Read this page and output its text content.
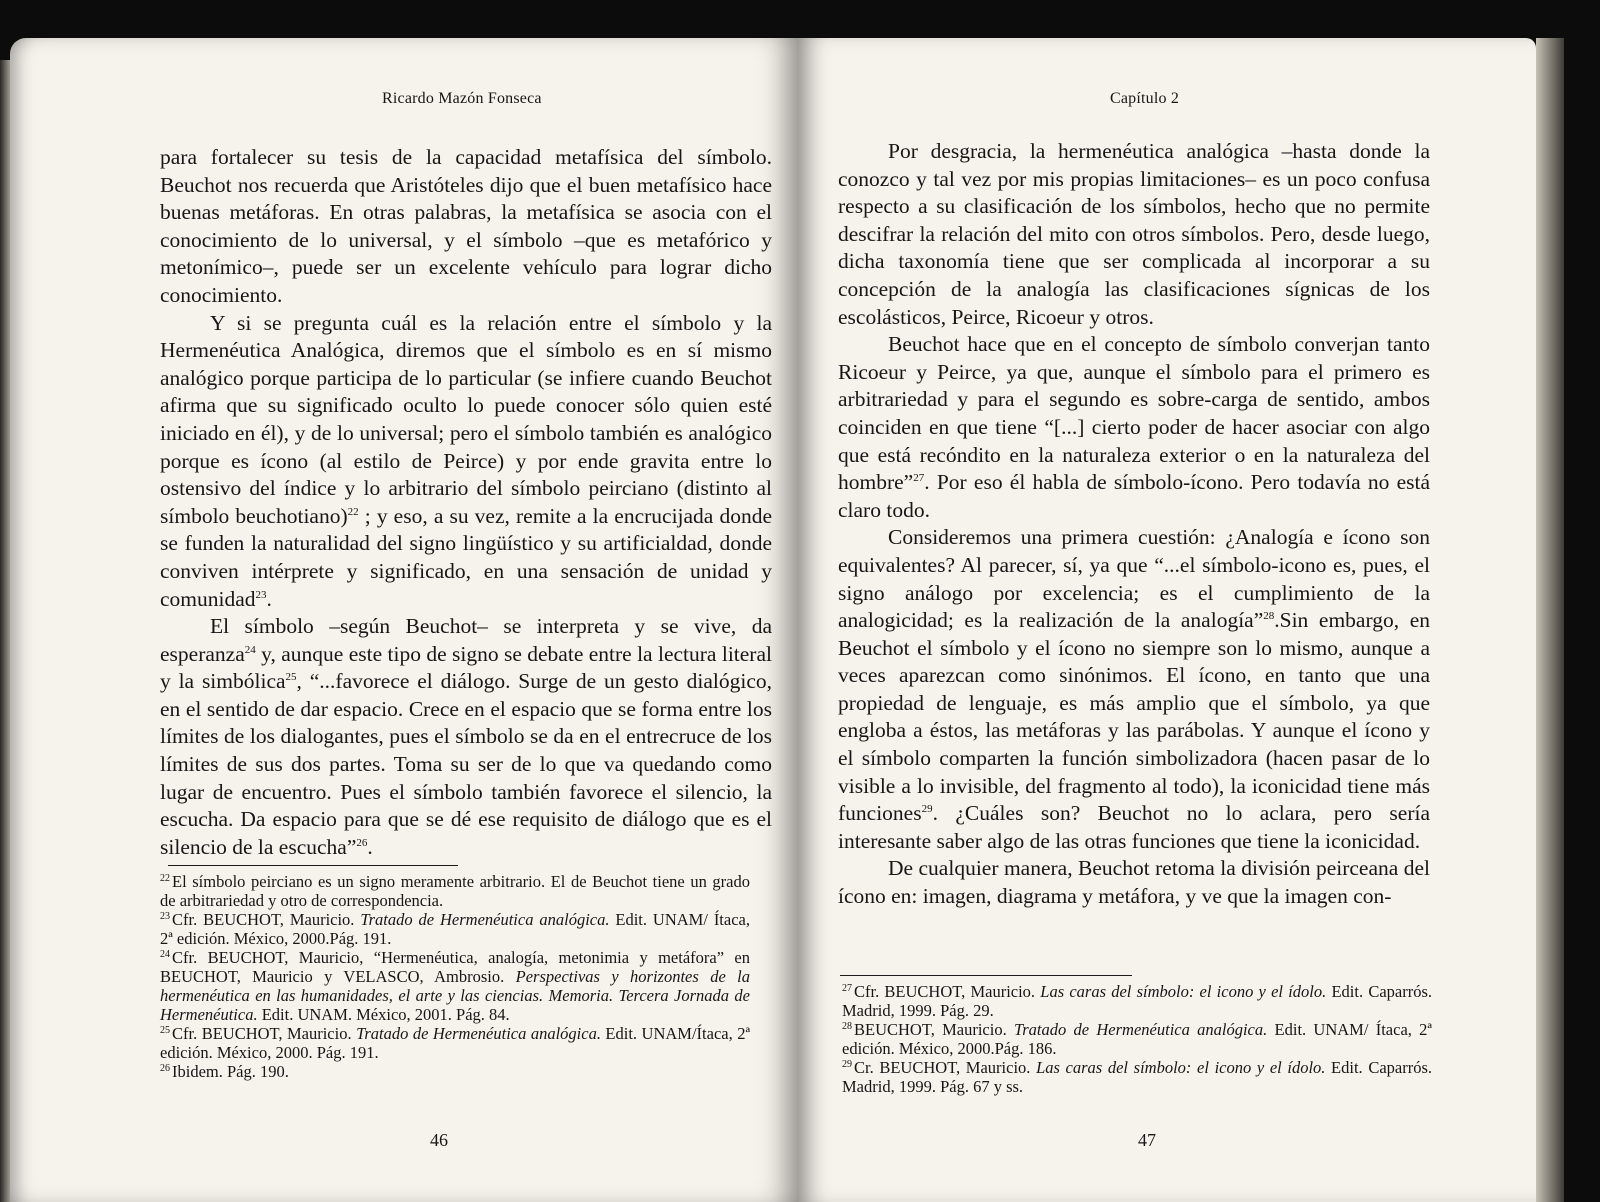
Ricardo Mazón Fonseca

para fortalecer su tesis de la capacidad metafísica del símbolo. Beuchot nos recuerda que Aristóteles dijo que el buen metafísico hace buenas metáforas. En otras palabras, la metafísica se asocia con el conocimiento de lo universal, y el símbolo –que es metafórico y metonímico–, puede ser un excelente vehículo para lograr dicho conocimiento.

Y si se pregunta cuál es la relación entre el símbolo y la Hermenéutica Analógica, diremos que el símbolo es en sí mismo analógico porque participa de lo particular (se infiere cuando Beuchot afirma que su significado oculto lo puede conocer sólo quien esté iniciado en él), y de lo universal; pero el símbolo también es analógico porque es ícono (al estilo de Peirce) y por ende gravita entre lo ostensivo del índice y lo arbitrario del símbolo peirciano (distinto al símbolo beuchotiano)$^{22}$ ; y eso, a su vez, remite a la encrucijada donde se funden la naturalidad del signo lingüístico y su artificialdad, donde conviven intérprete y significado, en una sensación de unidad y comunidad$^{23}$.

El símbolo –según Beuchot– se interpreta y se vive, da esperanza$^{24}$ y, aunque este tipo de signo se debate entre la lectura literal y la simbólica$^{25}$, “...favorece el diálogo. Surge de un gesto dialógico, en el sentido de dar espacio. Crece en el espacio que se forma entre los límites de los dialogantes, pues el símbolo se da en el entrecruce de los límites de sus dos partes. Toma su ser de lo que va quedando como lugar de encuentro. Pues el símbolo también favorece el silencio, la escucha. Da espacio para que se dé ese requisito de diálogo que es el silencio de la escucha”$^{26}$.

$^{22}$ El símbolo peirciano es un signo meramente arbitrario. El de Beuchot tiene un grado de arbitrariedad y otro de correspondencia.

$^{23}$ Cfr. BEUCHOT, Mauricio. Tratado de Hermenéutica analógica. Edit. UNAM/ Ítaca, 2ª edición. México, 2000.Pág. 191.

$^{24}$ Cfr. BEUCHOT, Mauricio, “Hermenéutica, analogía, metonimia y metáfora” en BEUCHOT, Mauricio y VELASCO, Ambrosio. Perspectivas y horizontes de la hermenéutica en las humanidades, el arte y las ciencias. Memoria. Tercera Jornada de Hermenéutica. Edit. UNAM. México, 2001. Pág. 84.

$^{25}$ Cfr. BEUCHOT, Mauricio. Tratado de Hermenéutica analógica. Edit. UNAM/Ítaca, 2ª edición. México, 2000. Pág. 191.

$^{26}$ Ibidem. Pág. 190.

46
Capítulo 2

Por desgracia, la hermenéutica analógica –hasta donde la conozco y tal vez por mis propias limitaciones– es un poco confusa respecto a su clasificación de los símbolos, hecho que no permite descifrar la relación del mito con otros símbolos. Pero, desde luego, dicha taxonomía tiene que ser complicada al incorporar a su concepción de la analogía las clasificaciones sígnicas de los escolásticos, Peirce, Ricoeur y otros.

Beuchot hace que en el concepto de símbolo converjan tanto Ricoeur y Peirce, ya que, aunque el símbolo para el primero es arbitrariedad y para el segundo es sobre-carga de sentido, ambos coinciden en que tiene “[...] cierto poder de hacer asociar con algo que está recóndito en la naturaleza exterior o en la naturaleza del hombre”$^{27}$. Por eso él habla de símbolo-ícono. Pero todavía no está claro todo.

Consideremos una primera cuestión: ¿Analogía e ícono son equivalentes? Al parecer, sí, ya que “...el símbolo-icono es, pues, el signo análogo por excelencia; es el cumplimiento de la analogicidad; es la realización de la analogía”$^{28}$.Sin embargo, en Beuchot el símbolo y el ícono no siempre son lo mismo, aunque a veces aparezcan como sinónimos. El ícono, en tanto que una propiedad de lenguaje, es más amplio que el símbolo, ya que engloba a éstos, las metáforas y las parábolas. Y aunque el ícono y el símbolo comparten la función simbolizadora (hacen pasar de lo visible a lo invisible, del fragmento al todo), la iconicidad tiene más funciones$^{29}$. ¿Cuáles son? Beuchot no lo aclara, pero sería interesante saber algo de las otras funciones que tiene la iconicidad.

De cualquier manera, Beuchot retoma la división peirceana del ícono en: imagen, diagrama y metáfora, y ve que la imagen con-

$^{27}$ Cfr. BEUCHOT, Mauricio. Las caras del símbolo: el icono y el ídolo. Edit. Caparrós. Madrid, 1999. Pág. 29.

$^{28}$ BEUCHOT, Mauricio. Tratado de Hermenéutica analógica. Edit. UNAM/ Ítaca, 2ª edición. México, 2000.Pág. 186.

$^{29}$ Cr. BEUCHOT, Mauricio. Las caras del símbolo: el icono y el ídolo. Edit. Caparrós. Madrid, 1999. Pág. 67 y ss.

47
